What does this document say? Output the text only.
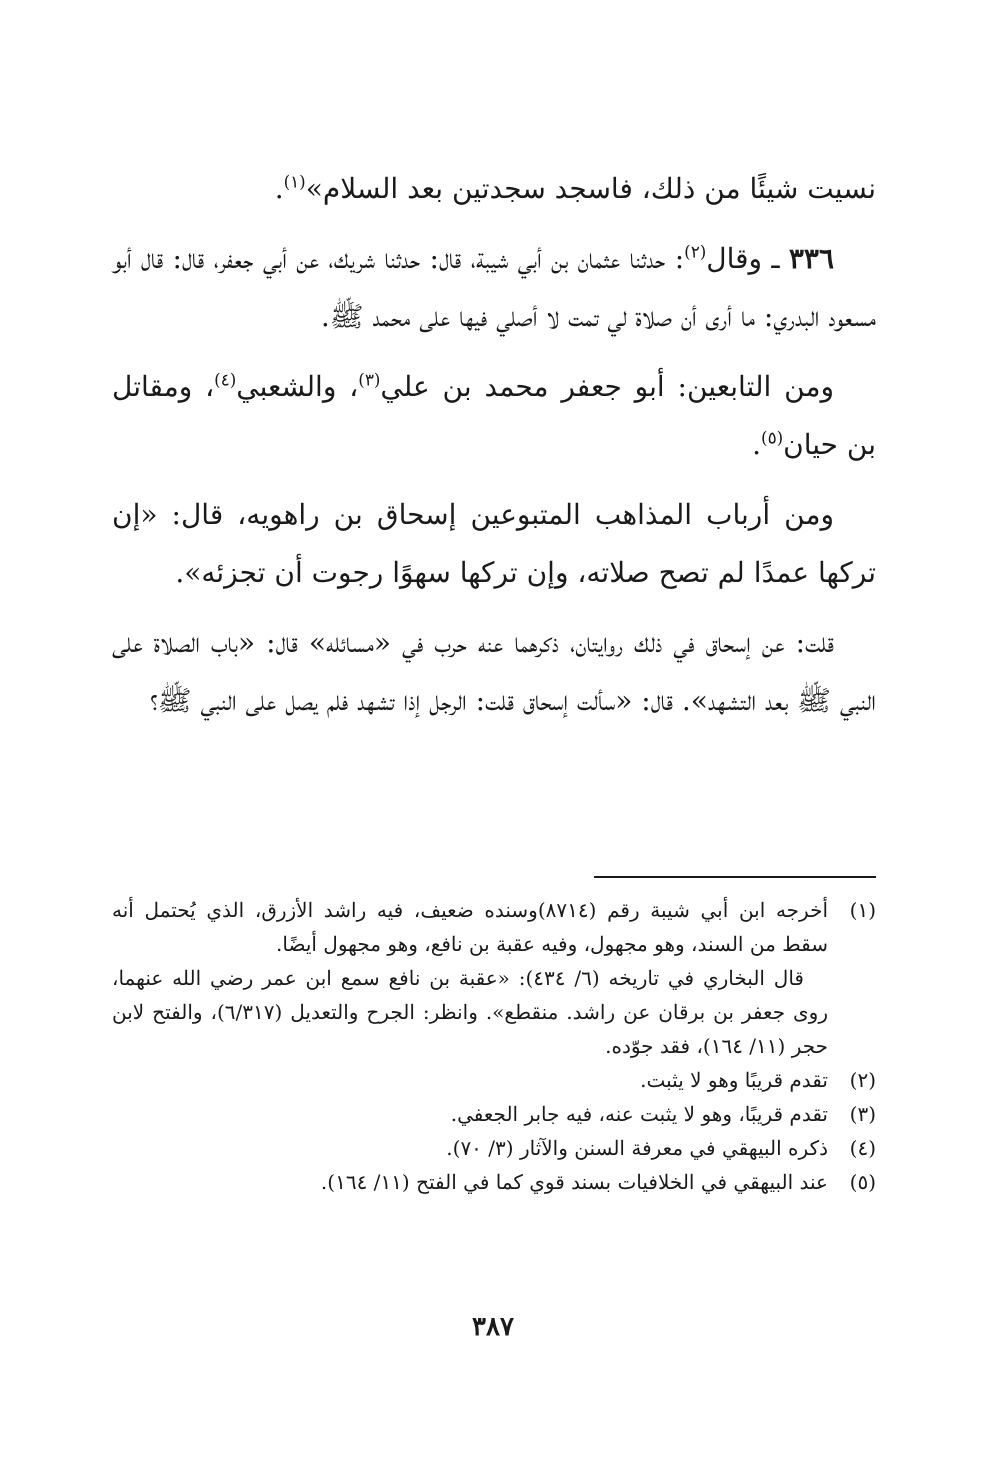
نسيت شيئًا من ذلك، فاسجد سجدتين بعد السلام»$^{(١)}$.

٣٣٦ ـ وقال$^{(٢)}$: حدثنا عثمان بن أبي شيبة، قال: حدثنا شريك، عن أبي جعفر، قال: قال أبو مسعود البدري: ما أرى أن صلاة لي تمت لا أصلي فيها على محمد ﷺ.

ومن التابعين: أبو جعفر محمد بن علي$^{(٣)}$، والشعبي$^{(٤)}$، ومقاتل بن حيان$^{(٥)}$.

ومن أرباب المذاهب المتبوعين إسحاق بن راهويه، قال: «إن تركها عمدًا لم تصح صلاته، وإن تركها سهوًا رجوت أن تجزئه».

قلت: عن إسحاق في ذلك روايتان، ذكرهما عنه حرب في «مسائله» قال: «باب الصلاة على النبي ﷺ بعد التشهد». قال: «سألت إسحاق قلت: الرجل إذا تشهد فلم يصل على النبي ﷺ؟

(١)
أخرجه ابن أبي شيبة رقم (٨٧١٤)وسنده ضعيف، فيه راشد الأزرق، الذي يُحتمل أنه سقط من السند، وهو مجهول، وفيه عقبة بن نافع، وهو مجهول أيضًا.
قال البخاري في تاريخه (٦/ ٤٣٤): «عقبة بن نافع سمع ابن عمر رضي الله عنهما، روى جعفر بن برقان عن راشد. منقطع». وانظر: الجرح والتعديل (٦/٣١٧)، والفتح لابن حجر (١١/ ١٦٤)، فقد جوّده.
(٢)
تقدم قريبًا وهو لا يثبت.
(٣)
تقدم قريبًا، وهو لا يثبت عنه، فيه جابر الجعفي.
(٤)
ذكره البيهقي في معرفة السنن والآثار (٣/ ٧٠).
(٥)
عند البيهقي في الخلافيات بسند قوي كما في الفتح (١١/ ١٦٤).
٣٨٧
